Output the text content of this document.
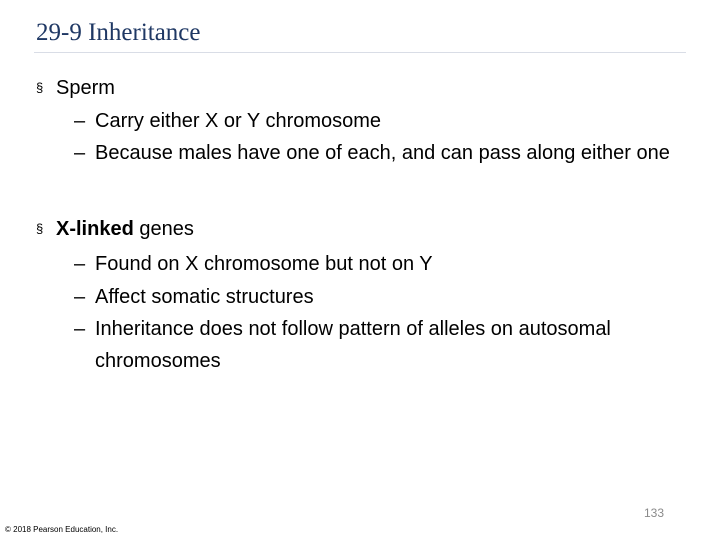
29-9 Inheritance
§ Sperm
– Carry either X or Y chromosome
– Because males have one of each, and can pass along either one
§ X-linked genes
– Found on X chromosome but not on Y
– Affect somatic structures
– Inheritance does not follow pattern of alleles on autosomal chromosomes
133
© 2018 Pearson Education, Inc.
